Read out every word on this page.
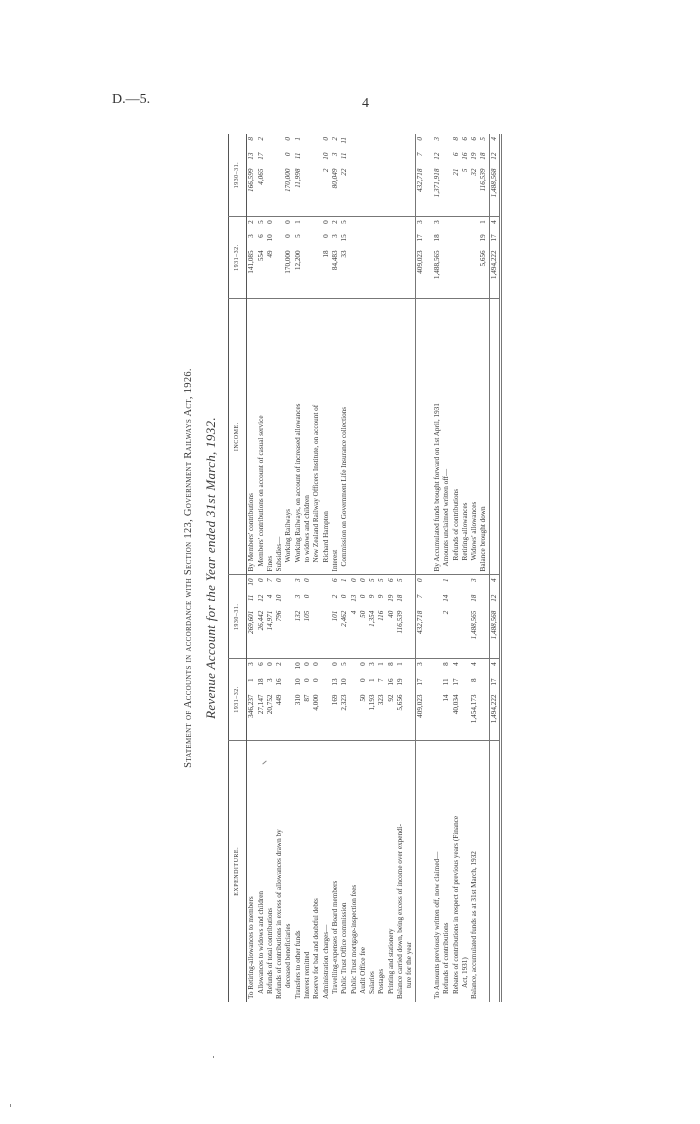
D.—5.	4
Statement of Accounts in accordance with Section 123, Government Railways Act, 1926. Revenue Account for the Year ended 31st March, 1932.
EXPENDITURE.	1931–32.			1930–31.			INCOME.	1931–32.			1930–31.		
To Retiring-allowances to members	346,237	1	3	269,601	11	10	By Members' contributions	141,085	3	2	166,599	13	8
Allowances to widows and children	27,147	18	6	26,442	12	0	Members' contributions on account of casual service	554	6	5	4,065	17	2
Refunds of total contributions	20,752	3	0	14,971	4	7	Fines	49	10	0			
Refunds of contributions in excess of allowances drawn by	449	16	2	796	10	0	Subsidies—						
deceased beneficiaries							Working Railways	170,000	0	0	170,000	0	0
Transfers to other funds	310	10	10	132	3	3	Working Railways, on account of increased allowances	12,200	5	1	11,998	11	1
Interest remitted	87	0	0	105	0	0	to widows and children						
Reserve for bad and doubtful debts	4,000	0	0				New Zealand Railway Officers Institute, on account of						
Administration charges—							Richard Hampton	18	0	0	2	10	0
Travelling-expenses of Board members	169	13	0	101	2	6	Interest	84,483	3	2	80,049	3	2
Public Trust Office commission	2,323	10	5	2,462	0	1	Commission on Government Life Insurance collections	33	15	5	22	11	11
Public Trust mortgage-inspection fees				4	13	0							
Audit Office fee	50	0	0	50	0	0							
Salaries	1,193	1	3	1,354	9	5							
Postages	323	7	1	116	9	5							
Printing and stationery	92	16	8	40	19	6							
Balance carried down, being excess of income over expendi-	5,656	19	1	116,539	18	5							
ture for the year													
	409,023	17	3	432,718	7	0		409,023	17	3	432,718	7	0

To Amounts previously written off, now claimed—							By Accumulated funds brought forward on 1st April, 1931	1,488,565	18	3	1,371,918	12	3
Refunds of contributions	14	11	8	2	14	1	Amounts unclaimed written off—						
Rebates of contributions in respect of previous years (Finance	40,034	17	4				Refunds of contributions				21	6	8
Act, 1931)							Retiring-allowances				5	16	6
Balance, accumulated funds as at 31st March, 1932	1,454,173	8	4	1,488,565	18	3	Widows' allowances				32	19	6
							Balance brought down	5,656	19	1	116,539	18	5
	1,494,222	17	4	1,488,568	12	4		1,494,222	17	4	1,488,568	12	4
